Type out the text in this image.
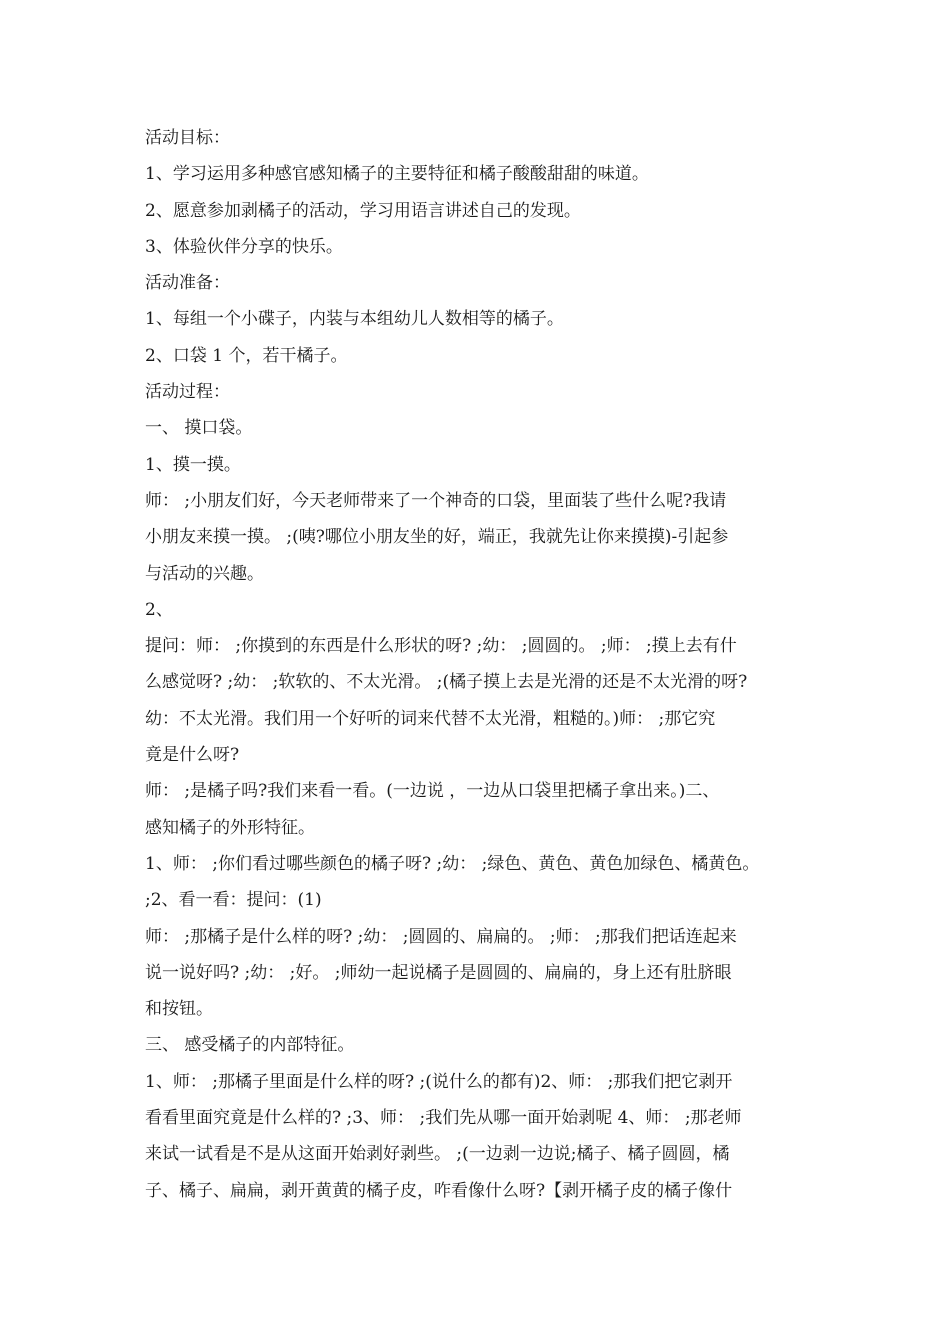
活动目标：
1、学习运用多种感官感知橘子的主要特征和橘子酸酸甜甜的味道。
2、愿意参加剥橘子的活动，学习用语言讲述自己的发现。
3、体验伙伴分享的快乐。
活动准备：
1、每组一个小碟子，内装与本组幼儿人数相等的橘子。
2、口袋 1 个，若干橘子。
活动过程：
一、 摸口袋。
1、摸一摸。
师： ;小朋友们好，今天老师带来了一个神奇的口袋，里面装了些什么呢?我请
小朋友来摸一摸。 ;(咦?哪位小朋友坐的好，端正，我就先让你来摸摸)-引起参
与活动的兴趣。
2、
提问：师： ;你摸到的东西是什么形状的呀? ;幼： ;圆圆的。 ;师： ;摸上去有什
么感觉呀? ;幼： ;软软的、不太光滑。 ;(橘子摸上去是光滑的还是不太光滑的呀?
幼：不太光滑。我们用一个好听的词来代替不太光滑，粗糙的。)师： ;那它究
竟是什么呀?
师： ;是橘子吗?我们来看一看。(一边说 ，一边从口袋里把橘子拿出来。)二、
感知橘子的外形特征。
1、师： ;你们看过哪些颜色的橘子呀? ;幼： ;绿色、黄色、黄色加绿色、橘黄色。
;2、看一看：提问：(1)
师： ;那橘子是什么样的呀? ;幼： ;圆圆的、扁扁的。 ;师： ;那我们把话连起来
说一说好吗? ;幼： ;好。 ;师幼一起说橘子是圆圆的、扁扁的，身上还有肚脐眼
和按钮。
三、 感受橘子的内部特征。
1、师： ;那橘子里面是什么样的呀? ;(说什么的都有)2、师： ;那我们把它剥开
看看里面究竟是什么样的? ;3、师： ;我们先从哪一面开始剥呢 4、师： ;那老师
来试一试看是不是从这面开始剥好剥些。 ;(一边剥一边说;橘子、橘子圆圆，橘
子、橘子、扁扁，剥开黄黄的橘子皮，咋看像什么呀?【剥开橘子皮的橘子像什
